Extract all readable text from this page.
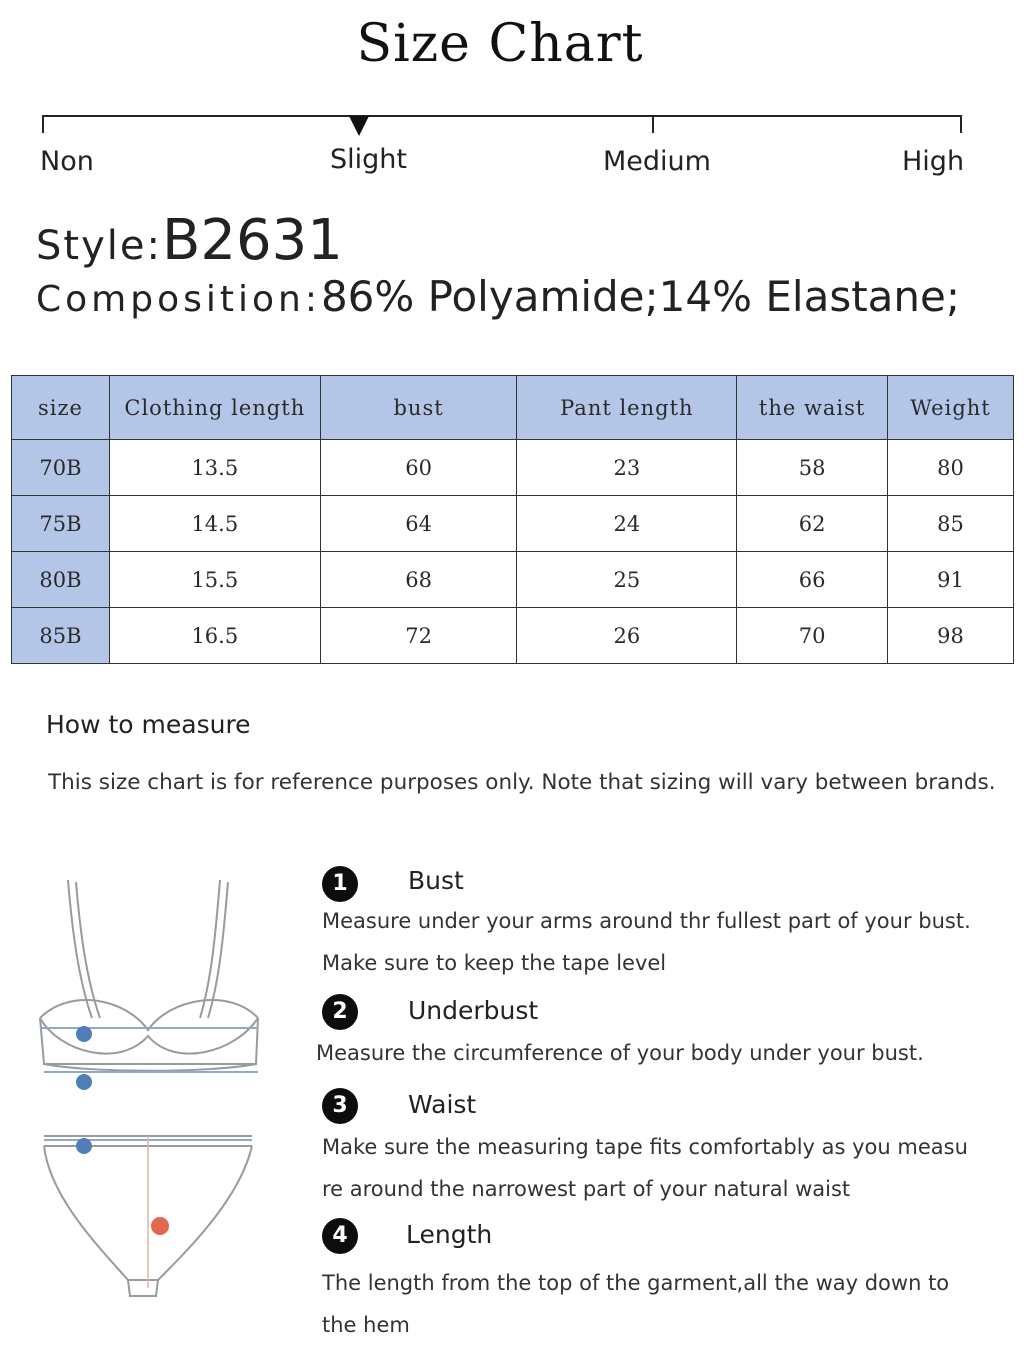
Size Chart
Non	Slight	Medium	High
Style:B2631
Composition:86% Polyamide;14% Elastane;
size	Clothing length	bust	Pant length	the waist	Weight
70B	13.5	60	23	58	80
75B	14.5	64	24	62	85
80B	15.5	68	25	66	91
85B	16.5	72	26	70	98
How to measure
This size chart is for reference purposes only. Note that sizing will vary between brands.
1	Bust
Measure under your arms around thr fullest part of your bust.
Make sure to keep the tape level
2	Underbust
Measure the circumference of your body under your bust.
3	Waist
Make sure the measuring tape fits comfortably as you measu
re around the narrowest part of your natural waist
4	Length
The length from the top of the garment,all the way down to
the hem
